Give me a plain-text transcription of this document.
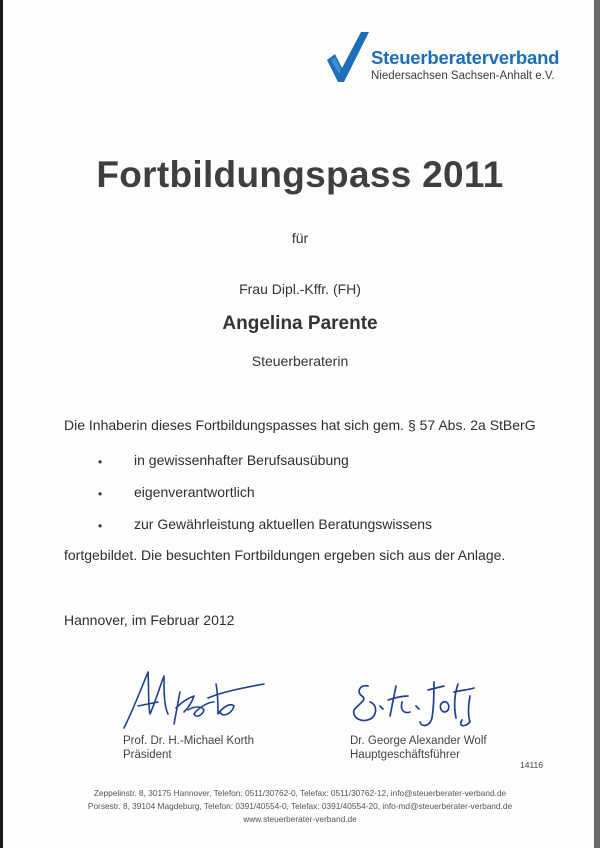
Steuerberaterverband
Niedersachsen Sachsen-Anhalt e.V.
Fortbildungspass 2011
für
Frau Dipl.-Kffr. (FH)
Angelina Parente
Steuerberaterin
Die Inhaberin dieses Fortbildungspasses hat sich gem. § 57 Abs. 2a StBerG
• in gewissenhafter Berufsausübung
• eigenverantwortlich
• zur Gewährleistung aktuellen Beratungswissens
fortgebildet. Die besuchten Fortbildungen ergeben sich aus der Anlage.
Hannover, im Februar 2012
Prof. Dr. H.-Michael Korth
Präsident
Dr. George Alexander Wolf
Hauptgeschäftsführer
14116
Zeppelinstr. 8, 30175 Hannover, Telefon: 0511/30762-0, Telefax: 0511/30762-12, info@steuerberater-verband.de
Porsestr. 8, 39104 Magdeburg, Telefon: 0391/40554-0, Telefax: 0391/40554-20, info-md@steuerberater-verband.de
www.steuerberater-verband.de
